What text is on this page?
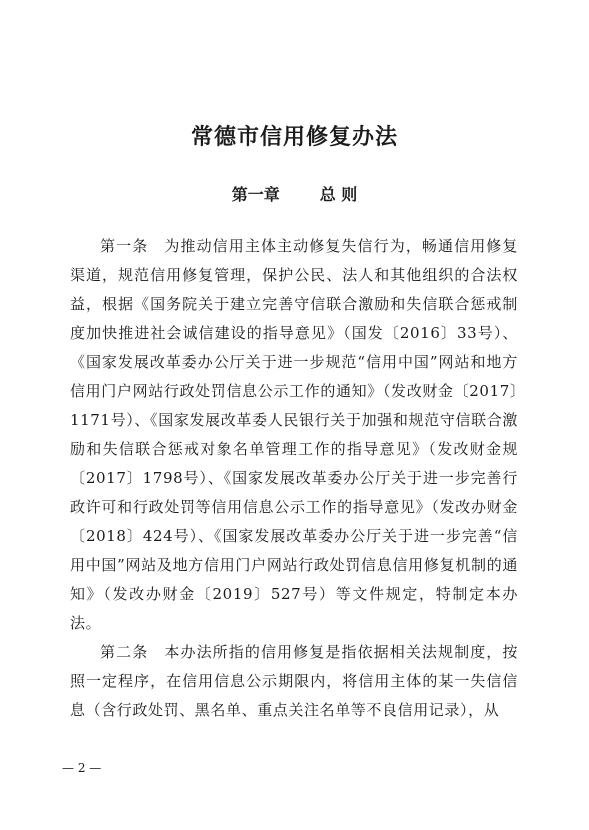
常德市信用修复办法
第一章	总 则

第一条　为推动信用主体主动修复失信行为，畅通信用修复渠道，规范信用修复管理，保护公民、法人和其他组织的合法权益，根据《国务院关于建立完善守信联合激励和失信联合惩戒制度加快推进社会诚信建设的指导意见》（国发〔2016〕33号）、《国家发展改革委办公厅关于进一步规范“信用中国”网站和地方信用门户网站行政处罚信息公示工作的通知》（发改财金〔2017〕1171号）、《国家发展改革委人民银行关于加强和规范守信联合激励和失信联合惩戒对象名单管理工作的指导意见》（发改财金规〔2017〕1798号）、《国家发展改革委办公厅关于进一步完善行政许可和行政处罚等信用信息公示工作的指导意见》（发改办财金〔2018〕424号）、《国家发展改革委办公厅关于进一步完善“信用中国”网站及地方信用门户网站行政处罚信息信用修复机制的通知》（发改办财金〔2019〕527号）等文件规定，特制定本办法。

第二条　本办法所指的信用修复是指依据相关法规制度，按照一定程序，在信用信息公示期限内，将信用主体的某一失信信息（含行政处罚、黑名单、重点关注名单等不良信用记录），从

— 2 —
